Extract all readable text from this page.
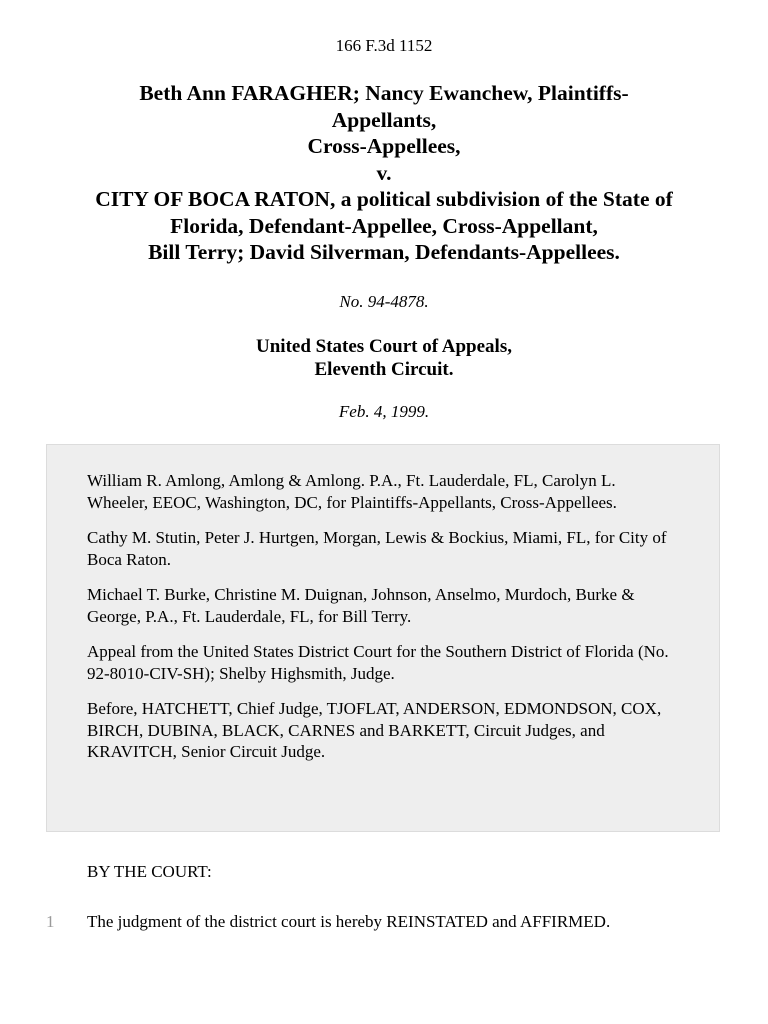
166 F.3d 1152
Beth Ann FARAGHER; Nancy Ewanchew, Plaintiffs-
Appellants,
Cross-Appellees,
v.
CITY OF BOCA RATON, a political subdivision of the State of
Florida, Defendant-Appellee, Cross-Appellant,
Bill Terry; David Silverman, Defendants-Appellees.
No. 94-4878.
United States Court of Appeals,
Eleventh Circuit.
Feb. 4, 1999.

William R. Amlong, Amlong & Amlong. P.A., Ft. Lauderdale, FL, Carolyn L. Wheeler, EEOC, Washington, DC, for Plaintiffs-Appellants, Cross-Appellees.

Cathy M. Stutin, Peter J. Hurtgen, Morgan, Lewis & Bockius, Miami, FL, for City of Boca Raton.

Michael T. Burke, Christine M. Duignan, Johnson, Anselmo, Murdoch, Burke & George, P.A., Ft. Lauderdale, FL, for Bill Terry.

Appeal from the United States District Court for the Southern District of Florida (No. 92-8010-CIV-SH); Shelby Highsmith, Judge.

Before, HATCHETT, Chief Judge, TJOFLAT, ANDERSON, EDMONDSON, COX, BIRCH, DUBINA, BLACK, CARNES and BARKETT, Circuit Judges, and KRAVITCH, Senior Circuit Judge.

BY THE COURT:
1 The judgment of the district court is hereby REINSTATED and AFFIRMED.
